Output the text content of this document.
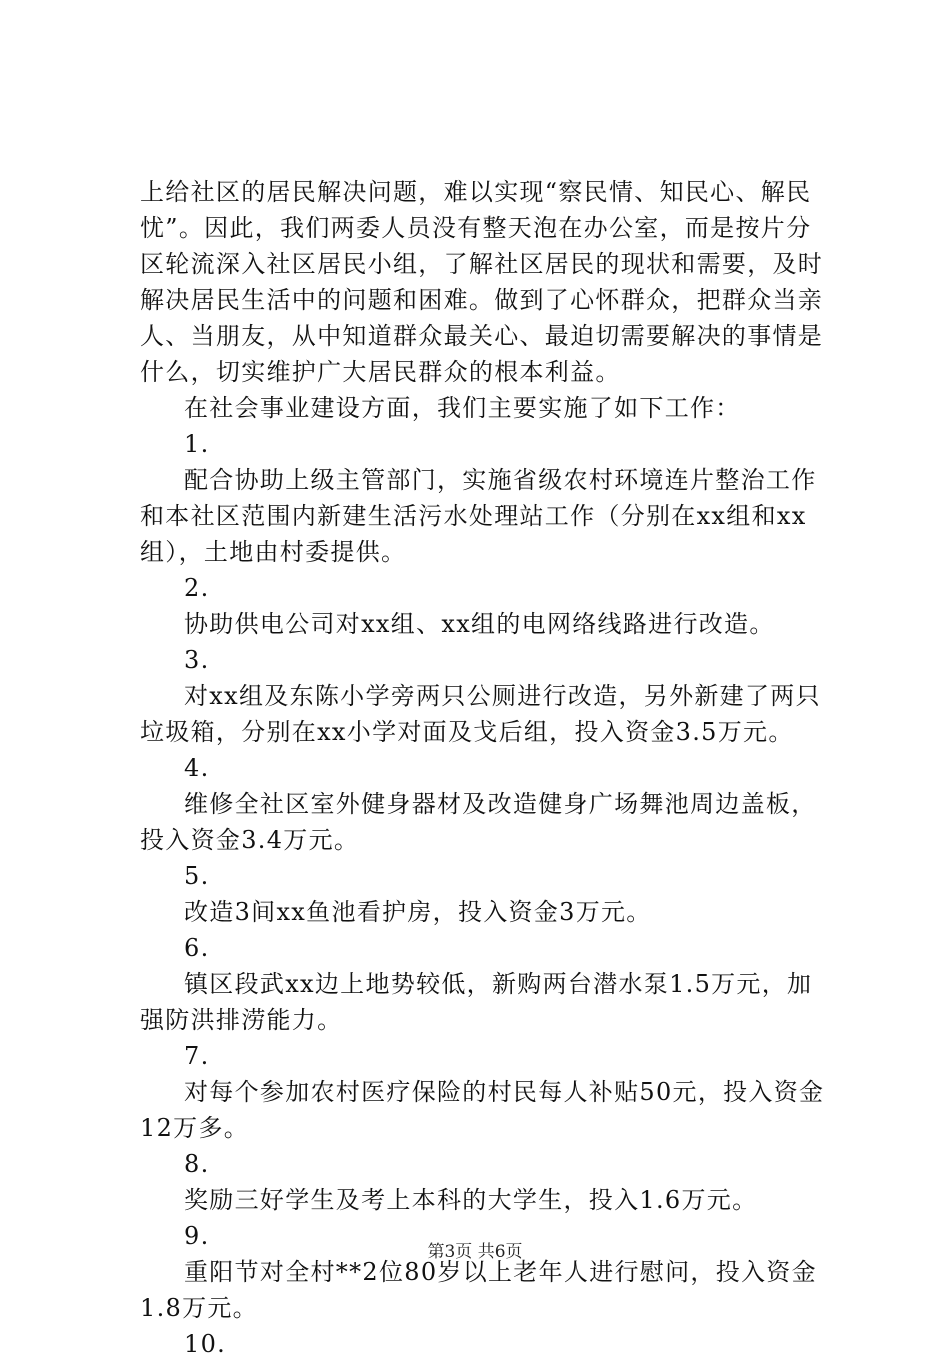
上给社区的居民解决问题，难以实现“察民情、知民心、解民
忧”。因此，我们两委人员没有整天泡在办公室，而是按片分
区轮流深入社区居民小组，了解社区居民的现状和需要，及时
解决居民生活中的问题和困难。做到了心怀群众，把群众当亲
人、当朋友，从中知道群众最关心、最迫切需要解决的事情是
什么，切实维护广大居民群众的根本利益。
在社会事业建设方面，我们主要实施了如下工作：
1.
配合协助上级主管部门，实施省级农村环境连片整治工作
和本社区范围内新建生活污水处理站工作（分别在xx组和xx
组），土地由村委提供。
2.
协助供电公司对xx组、xx组的电网络线路进行改造。
3.
对xx组及东陈小学旁两只公厕进行改造，另外新建了两只
垃圾箱，分别在xx小学对面及戈后组，投入资金3.5万元。
4.
维修全社区室外健身器材及改造健身广场舞池周边盖板，
投入资金3.4万元。
5.
改造3间xx鱼池看护房，投入资金3万元。
6.
镇区段武xx边上地势较低，新购两台潜水泵1.5万元，加
强防洪排涝能力。
7.
对每个参加农村医疗保险的村民每人补贴50元，投入资金
12万多。
8.
奖励三好学生及考上本科的大学生，投入1.6万元。
9.
重阳节对全村**2位80岁以上老年人进行慰问，投入资金
1.8万元。
10.
第3页 共6页
